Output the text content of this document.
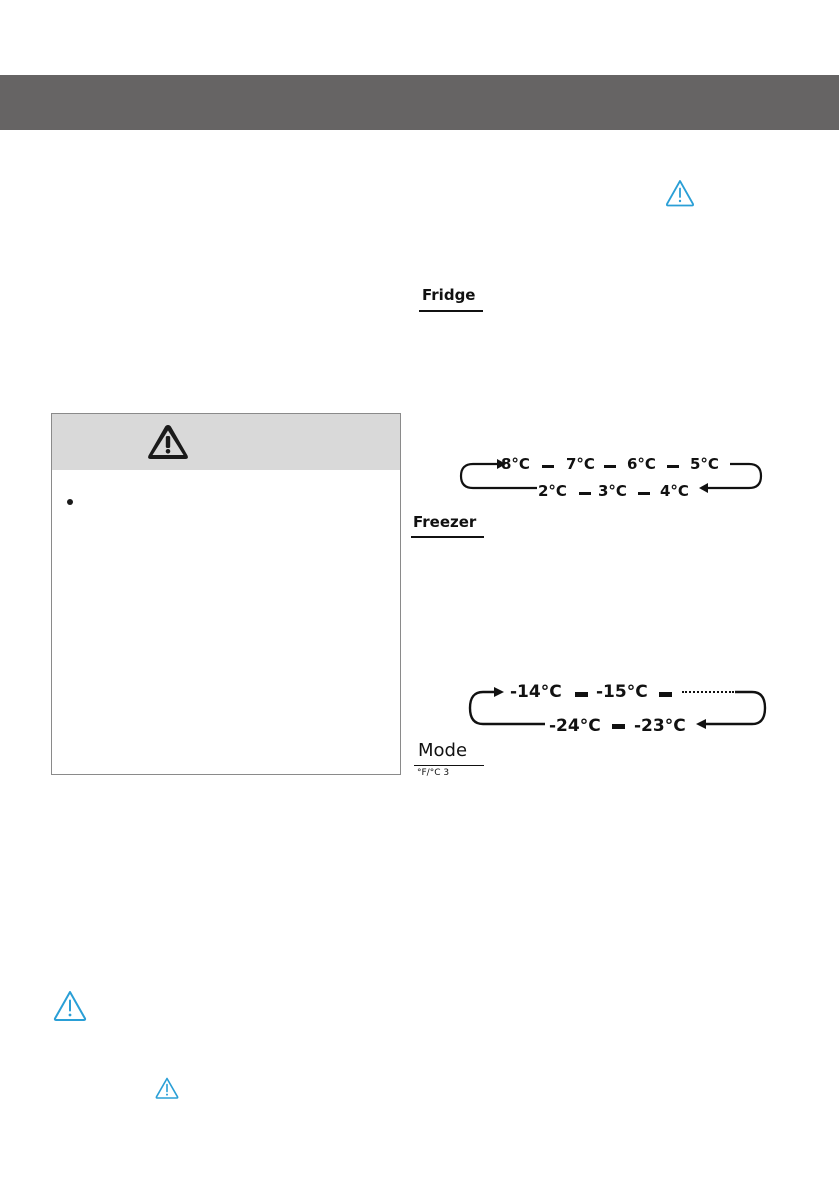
Fridge
8°C 7°C 6°C 5°C
2°C 3°C 4°C
Freezer
-14°C -15°C
-24°C -23°C
Mode
°F/°C 3
